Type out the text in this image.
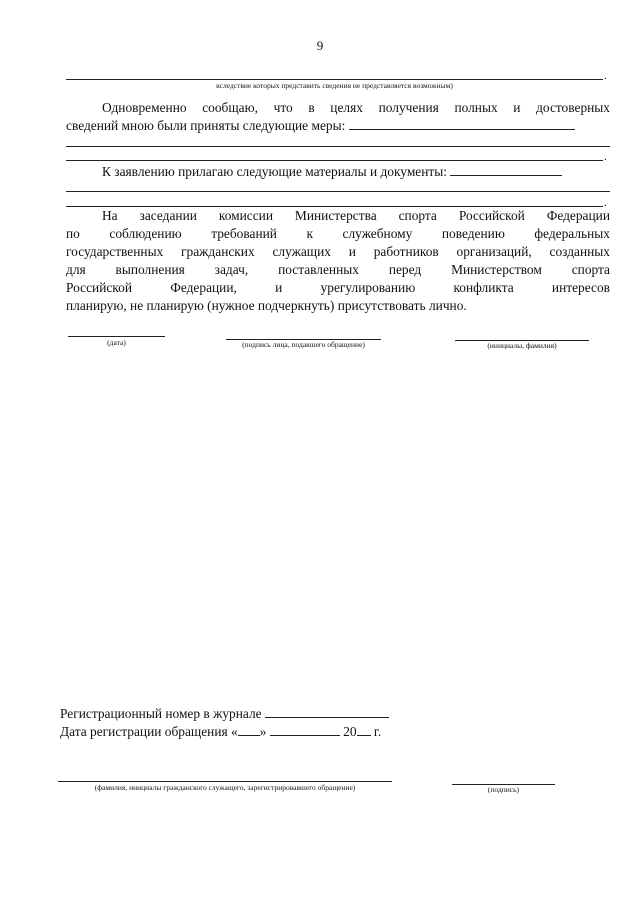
9
.
вследствие которых представить сведения не представляется возможным)
Одновременно сообщаю, что в целях получения полных и достоверных
сведений мною были приняты следующие меры:
.
К заявлению прилагаю следующие материалы и документы:
.
На заседании комиссии Министерства спорта Российской Федерации
по соблюдению требований к служебному поведению федеральных
государственных гражданских служащих и работников организаций, созданных
для выполнения задач, поставленных перед Министерством спорта
Российской Федерации, и урегулированию конфликта интересов
планирую, не планирую (нужное подчеркнуть) присутствовать лично.
(дата)	(подпись лица, подавшего обращение)	(инициалы, фамилия)
Регистрационный номер в журнале
Дата регистрации обращения « »	20 г.
(фамилия, инициалы гражданского служащего, зарегистрировавшего обращение)	(подпись)
